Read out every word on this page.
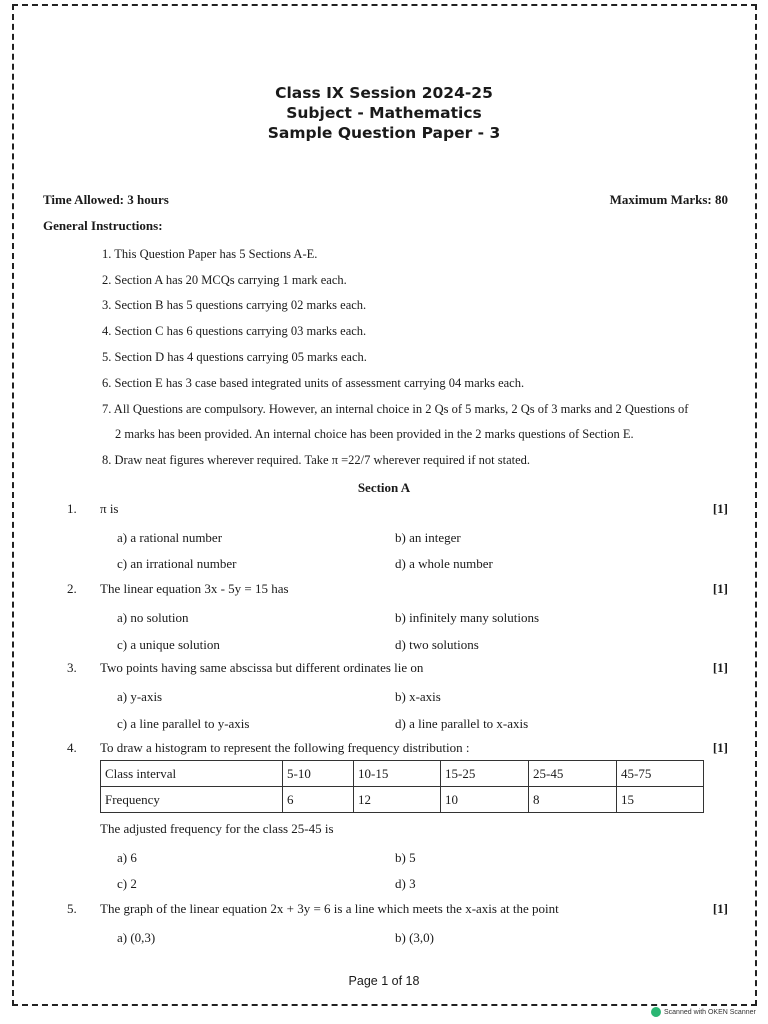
Class IX Session 2024-25
Subject - Mathematics
Sample Question Paper - 3
Time Allowed: 3 hours	Maximum Marks: 80
General Instructions:
1. This Question Paper has 5 Sections A-E.
2. Section A has 20 MCQs carrying 1 mark each.
3. Section B has 5 questions carrying 02 marks each.
4. Section C has 6 questions carrying 03 marks each.
5. Section D has 4 questions carrying 05 marks each.
6. Section E has 3 case based integrated units of assessment carrying 04 marks each.
7. All Questions are compulsory. However, an internal choice in 2 Qs of 5 marks, 2 Qs of 3 marks and 2 Questions of
2 marks has been provided. An internal choice has been provided in the 2 marks questions of Section E.
8. Draw neat figures wherever required. Take π =22/7 wherever required if not stated.
Section A
1. π is	[1]
a) a rational number	b) an integer
c) an irrational number	d) a whole number
2. The linear equation 3x - 5y = 15 has	[1]
a) no solution	b) infinitely many solutions
c) a unique solution	d) two solutions
3. Two points having same abscissa but different ordinates lie on	[1]
a) y-axis	b) x-axis
c) a line parallel to y-axis	d) a line parallel to x-axis
4. To draw a histogram to represent the following frequency distribution :	[1]
Class interval	5-10	10-15	15-25	25-45	45-75
Frequency	6	12	10	8	15
The adjusted frequency for the class 25-45 is
a) 6	b) 5
c) 2	d) 3
5. The graph of the linear equation 2x + 3y = 6 is a line which meets the x-axis at the point	[1]
a) (0,3)	b) (3,0)
Page 1 of 18
Scanned with OKEN Scanner
